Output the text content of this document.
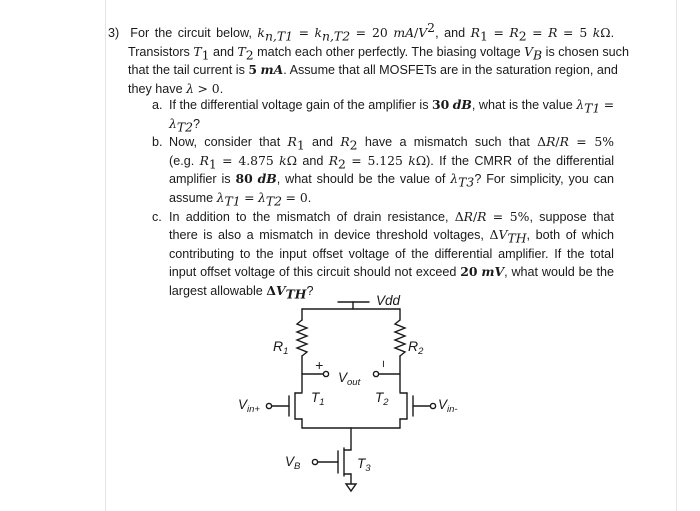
3)  For the circuit below, $k_{n,T1} = k_{n,T2} = 20$ $mA/V^2$, and $R_1 = R_2 = R = 5$ kΩ.
Transistors $T_1$ and $T_2$ match each other perfectly. The biasing voltage $V_B$ is chosen such
that the tail current is 5 mA. Assume that all MOSFETs are in the saturation region, and
they have λ > 0.
a. If the differential voltage gain of the amplifier is 30 dB, what is the value $\lambda_{T1}$ =
$\lambda_{T2}$?
b. Now, consider that $R_1$ and $R_2$ have a mismatch such that ΔR/R = 5%
(e.g. $R_1 = 4.875$ kΩ and $R_2 = 5.125$ kΩ). If the CMRR of the differential
amplifier is 80 dB, what should be the value of $\lambda_{T3}$? For simplicity, you can
assume $\lambda_{T1} = \lambda_{T2} = 0$.
c. In addition to the mismatch of drain resistance, ΔR/R = 5%, suppose that
there is also a mismatch in device threshold voltages, $\Delta V_{TH}$, both of which
contributing to the input offset voltage of the differential amplifier. If the total
input offset voltage of this circuit should not exceed 20 mV, what would be the
largest allowable $\Delta V_{TH}$?
Vdd
$R_1$	$R_2$
+	−
$V_{out}$
$V_{in+}$
$T_1$	$V_{in-}$
$T_2$
$V_B$	$T_3$
